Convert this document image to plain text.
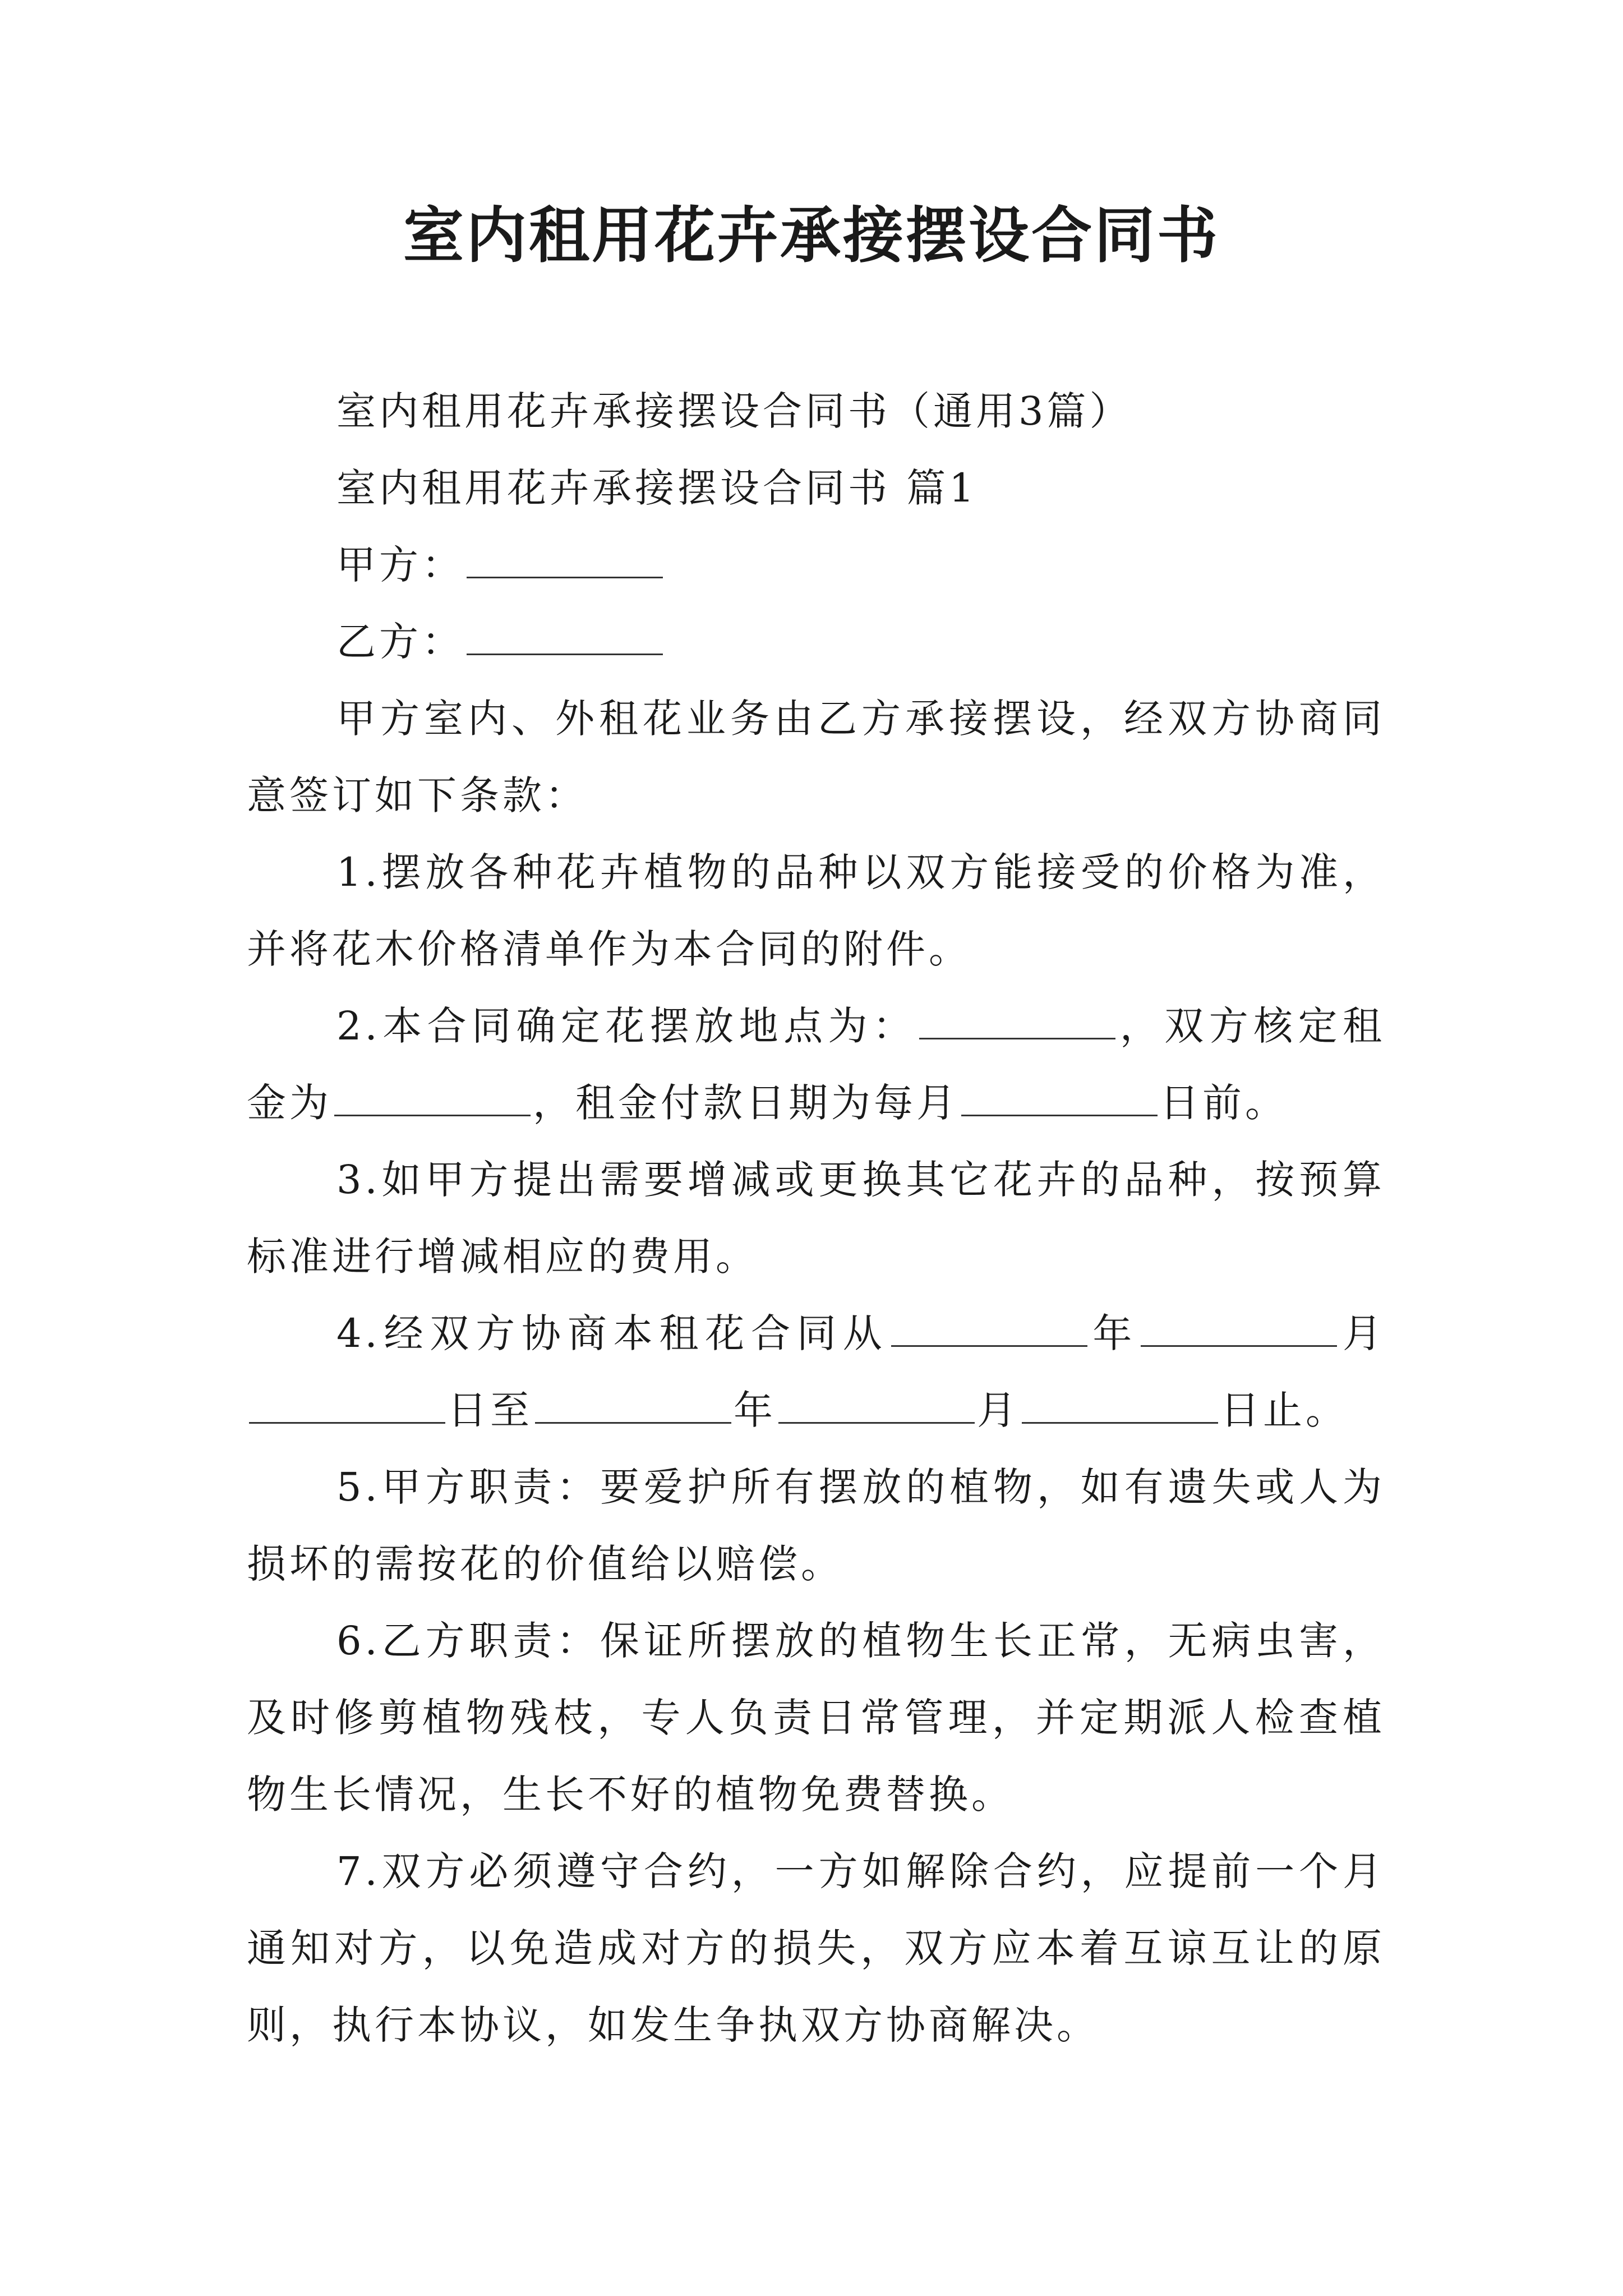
室内租用花卉承接摆设合同书

室内租用花卉承接摆设合同书（通用3篇）

室内租用花卉承接摆设合同书 篇1

甲方：

乙方：

甲方室内、外租花业务由乙方承接摆设，经双方协商同意签订如下条款：

1.摆放各种花卉植物的品种以双方能接受的价格为准，并将花木价格清单作为本合同的附件。

2.本合同确定花摆放地点为：	，双方核定租金为	，租金付款日期为每月	日前。

3.如甲方提出需要增减或更换其它花卉的品种，按预算标准进行增减相应的费用。

4.经双方协商本租花合同从	年	月日至	年	月	日止。

5.甲方职责：要爱护所有摆放的植物，如有遗失或人为损坏的需按花的价值给以赔偿。

6.乙方职责：保证所摆放的植物生长正常，无病虫害，及时修剪植物残枝，专人负责日常管理，并定期派人检查植物生长情况，生长不好的植物免费替换。

7.双方必须遵守合约，一方如解除合约，应提前一个月通知对方，以免造成对方的损失，双方应本着互谅互让的原则，执行本协议，如发生争执双方协商解决。
